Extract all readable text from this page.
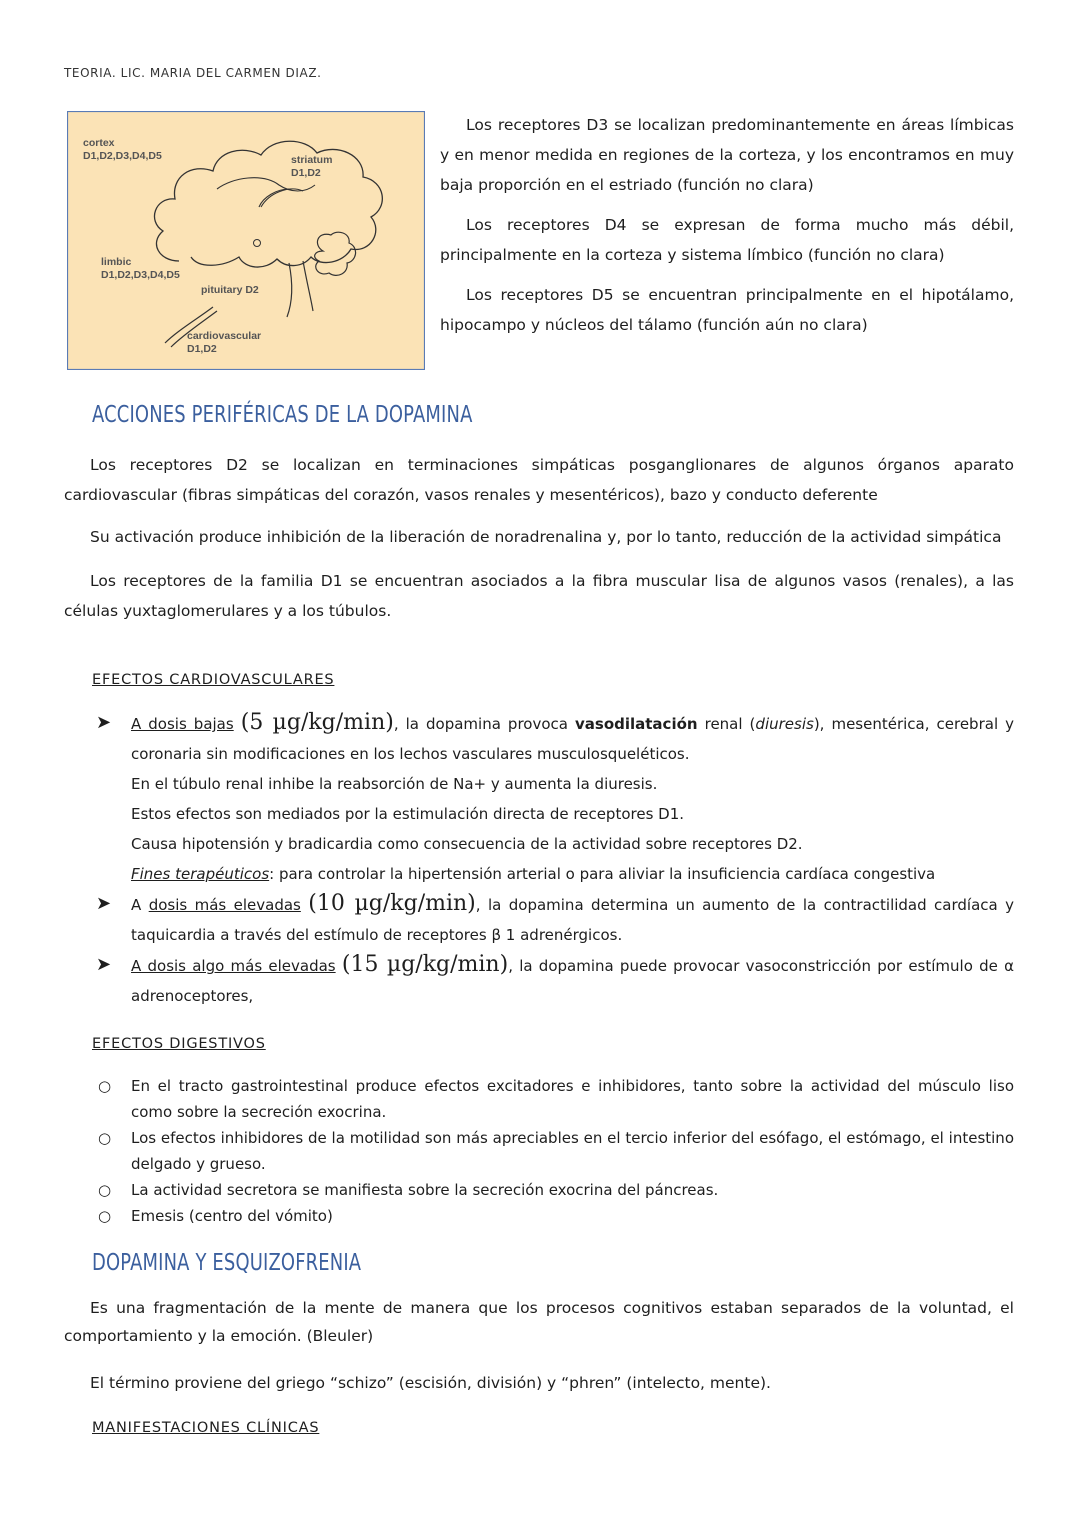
TEORIA. LIC. MARIA DEL CARMEN DIAZ.
cortex
D1,D2,D3,D4,D5	striatum
D1,D2
limbic
D1,D2,D3,D4,D5
pituitary D2
cardiovascular
D1,D2

Los receptores D3 se localizan predominantemente en áreas límbicas y en menor medida en regiones de la corteza, y los encontramos en muy baja proporción en el estriado (función no clara)

Los receptores D4 se expresan de forma mucho más débil, principalmente en la corteza y sistema límbico (función no clara)

Los receptores D5 se encuentran principalmente en el hipotálamo, hipocampo y núcleos del tálamo (función aún no clara)

ACCIONES PERIFÉRICAS DE LA DOPAMINA

Los receptores D2 se localizan en terminaciones simpáticas posganglionares de algunos órganos aparato cardiovascular (fibras simpáticas del corazón, vasos renales y mesentéricos), bazo y conducto deferente

Su activación produce inhibición de la liberación de noradrenalina y, por lo tanto, reducción de la actividad simpática

Los receptores de la familia D1 se encuentran asociados a la fibra muscular lisa de algunos vasos (renales), a las células yuxtaglomerulares y a los túbulos.

EFECTOS CARDIOVASCULARES
➤ A dosis bajas (5 µg/kg/min), la dopamina provoca vasodilatación renal (diuresis), mesentérica, cerebral y coronaria sin modificaciones en los lechos vasculares musculosqueléticos.
En el túbulo renal inhibe la reabsorción de Na+ y aumenta la diuresis.
Estos efectos son mediados por la estimulación directa de receptores D1.
Causa hipotensión y bradicardia como consecuencia de la actividad sobre receptores D2.
Fines terapéuticos: para controlar la hipertensión arterial o para aliviar la insuficiencia cardíaca congestiva
➤ A dosis más elevadas (10 µg/kg/min), la dopamina determina un aumento de la contractilidad cardíaca y taquicardia a través del estímulo de receptores β 1 adrenérgicos.
➤ A dosis algo más elevadas (15 µg/kg/min), la dopamina puede provocar vasoconstricción por estímulo de α adrenoceptores,
EFECTOS DIGESTIVOS
○ En el tracto gastrointestinal produce efectos excitadores e inhibidores, tanto sobre la actividad del músculo liso como sobre la secreción exocrina.
○ Los efectos inhibidores de la motilidad son más apreciables en el tercio inferior del esófago, el estómago, el intestino delgado y grueso.
○ La actividad secretora se manifiesta sobre la secreción exocrina del páncreas.
○ Emesis (centro del vómito)
DOPAMINA Y ESQUIZOFRENIA

Es una fragmentación de la mente de manera que los procesos cognitivos estaban separados de la voluntad, el comportamiento y la emoción. (Bleuler)

El término proviene del griego “schizo” (escisión, división) y “phren” (intelecto, mente).

MANIFESTACIONES CLÍNICAS
